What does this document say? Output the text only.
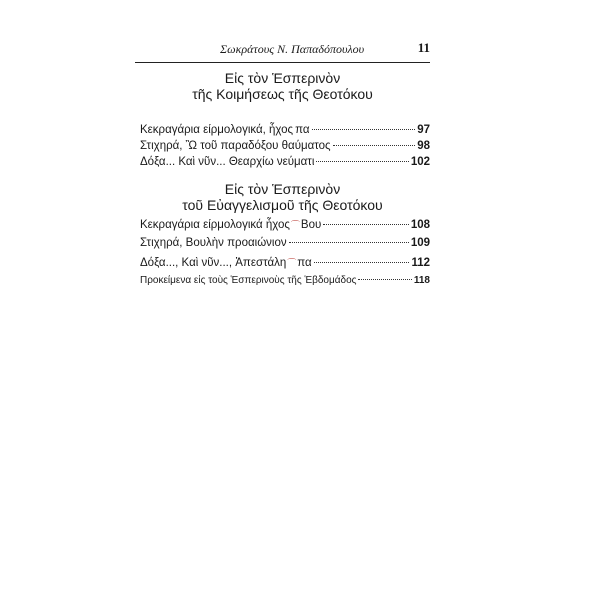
Σωκράτους Ν. Παπαδόπουλου	11
Εἰς τὸν Ἑσπερινὸν
τῆς Κοιμήσεως τῆς Θεοτόκου
Κεκραγάρια είρμολογικά, ἦχος πα	97
Στιχηρά, Ὢ τοῦ παραδόξου θαύματος	98
Δόξα... Καὶ νῦν... Θεαρχίω νεύματι	102
Εἰς τὸν Ἑσπερινὸν
τοῦ Εὐαγγελισμοῦ τῆς Θεοτόκου
Κεκραγάρια είρμολογικά ἦχος ⌒ Βου	108
Στιχηρά, Βουλὴν προαιώνιον	109
Δόξα..., Καὶ νῦν..., Ἀπεστάλη ⌒ πα	112
Προκείμενα εἰς τοὺς Ἑσπερινοὺς τῆς Ἑβδομάδος	118
